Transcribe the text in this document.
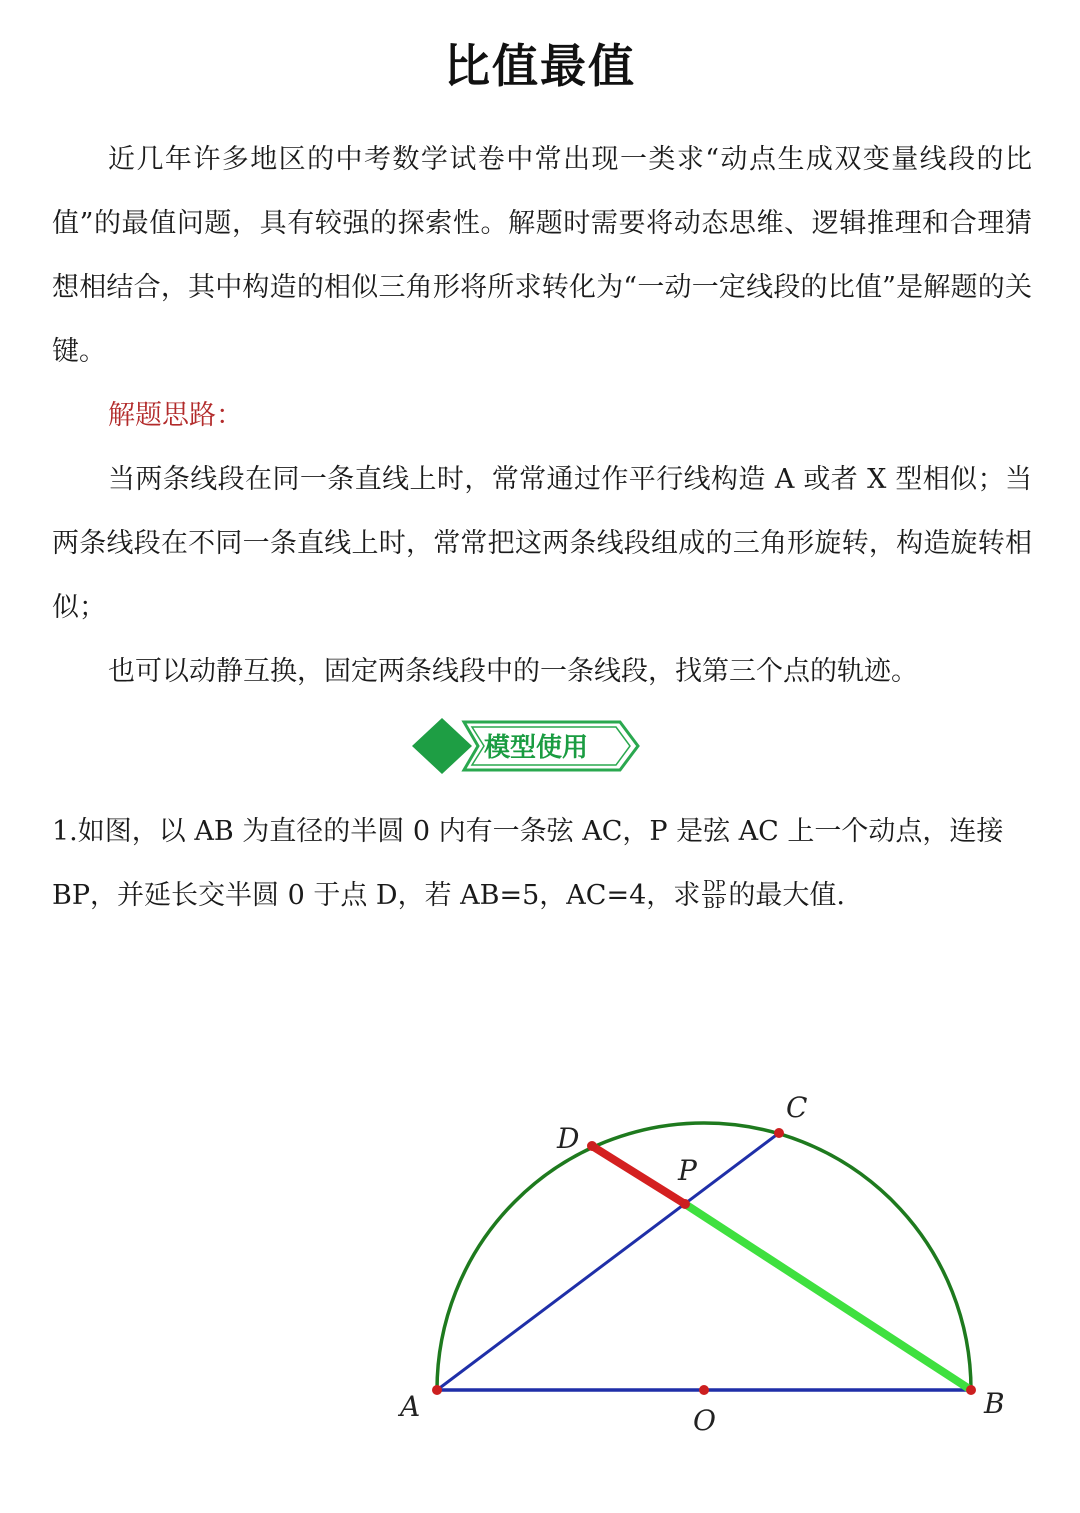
比值最值
近几年许多地区的中考数学试卷中常出现一类求“动点生成双变量线段的比值”的最值问题，具有较强的探索性。解题时需要将动态思维、逻辑推理和合理猜想相结合，其中构造的相似三角形将所求转化为“一动一定线段的比值”是解题的关键。
解题思路：
当两条线段在同一条直线上时，常常通过作平行线构造 A 或者 X 型相似；当两条线段在不同一条直线上时，常常把这两条线段组成的三角形旋转，构造旋转相似；
也可以动静互换，固定两条线段中的一条线段，找第三个点的轨迹。
模型使用
1.如图，以 AB 为直径的半圆 0 内有一条弦 AC，P 是弦 AC 上一个动点，连接 BP，并延长交半圆 0 于点 D，若 AB=5，AC=4，求 $\frac{DP}{BP}$ 的最大值.
A	B
C
D
P
O
